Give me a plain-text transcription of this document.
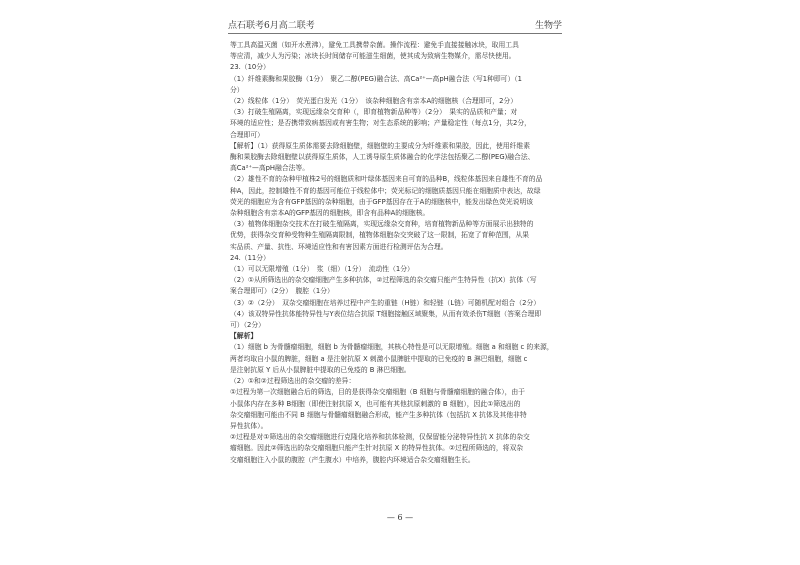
点石联考6月高二联考	生物学

等工具高温灭菌（如开水煮沸），避免工具携带杂菌。操作流程：避免手直接接触冰块，取用工具

等应清，减少人为污染；冰块长时间储存可能滋生细菌，使其成为致病生物媒介，需尽快使用。

23.（10分）

（1）纤维素酶和果胶酶（1分）　聚乙二醇(PEG)融合法、高Ca²⁺—高pH融合法（写1种即可）（1

分）

（2）线粒体（1分）　荧光蛋白发光（1分）　该杂种细胞含有亲本A的细胞核（合理即可，2分）

（3）打破生殖隔离，实现远缘杂交育种（，即育植物新品种等）（2分）　果实的品质和产量；对

环境的适应性；是否携带致病基因或有害生物；对生态系统的影响；产量稳定性（每点1分，共2分，

合理即可）

【解析】（1）获得原生质体需要去除细胞壁，细胞壁的主要成分为纤维素和果胶，因此，使用纤维素

酶和果胶酶去除细胞壁以获得原生质体，人工诱导原生质体融合的化学法包括聚乙二醇(PEG)融合法、

高Ca²⁺—高pH融合法等。

（2）雄性不育的杂种甲植株2号的细胞质和叶绿体基因来自可育的品种B，线粒体基因来自雄性不育的品

种A，因此，控制雄性不育的基因可能位于线粒体中；荧光标记的细胞质基因只能在细胞质中表达，故绿

荧光的细胞应为含有GFP基因的杂种细胞，由于GFP基因存在于A的细胞核中，能发出绿色荧光说明该

杂种细胞含有亲本A的GFP基因的细胞核，即含有品种A的细胞核。

（3）植物体细胞杂交技术在打破生殖隔离，实现远缘杂交育种，培育植物新品种等方面展示出独特的

优势，获得杂交育种受物种生殖隔离限制，植物体细胞杂交突破了这一限制，拓宽了育种范围，从果

实品质、产量、抗性、环境适应性和有害因素方面进行检测评估为合理。

24.（11分）

（1）可以无限增殖（1分）　浆（细）（1分）　流动性（1分）

（2）①从所筛选出的杂交瘤细胞产生多种抗体，②过程筛选的杂交瘤只能产生特异性（抗X）抗体（写

案合理即可）（2分）　腹腔（1分）

（3）②（2分）　双杂交瘤细胞在培养过程中产生的重链（H链）和轻链（L链）可随机配对组合（2分）

（4）该双特异性抗体能特异性与Y表位结合抗原 T细胞接触区域聚集，从而有效杀伤T细胞（答案合理即

可）（2分）

【解析】

（1）细胞 b 为骨髓瘤细胞，细胞 b 为骨髓瘤细胞，其核心特性是可以无限增殖。细胞 a 和细胞 c 的来源，

两者均取自小鼠的脾脏，细胞 a 是注射抗原 X 刺激小鼠脾脏中提取的已免疫的 B 淋巴细胞，细胞 c

是注射抗原 Y 后从小鼠脾脏中提取的已免疫的 B 淋巴细胞。

（2）①和②过程筛选出的杂交瘤的差异：

①过程为第一次细胞融合后的筛选，目的是获得杂交瘤细胞（B 细胞与骨髓瘤细胞的融合体），由于

小鼠体内存在多种 B细胞（即使注射抗原 X，也可能有其他抗原刺激的 B 细胞），因此①筛选出的

杂交瘤细胞可能由不同 B 细胞与骨髓瘤细胞融合形成，能产生多种抗体（包括抗 X 抗体及其他非特

异性抗体）。

②过程是对①筛选出的杂交瘤细胞进行克隆化培养和抗体检测，仅保留能分泌特异性抗 X 抗体的杂交

瘤细胞。因此②筛选出的杂交瘤细胞只能产生针对抗原 X 的特异性抗体。②过程所筛选的，将双杂

交瘤细胞注入小鼠的腹腔（产生腹水）中培养，腹腔内环境适合杂交瘤细胞生长。

— 6 —
